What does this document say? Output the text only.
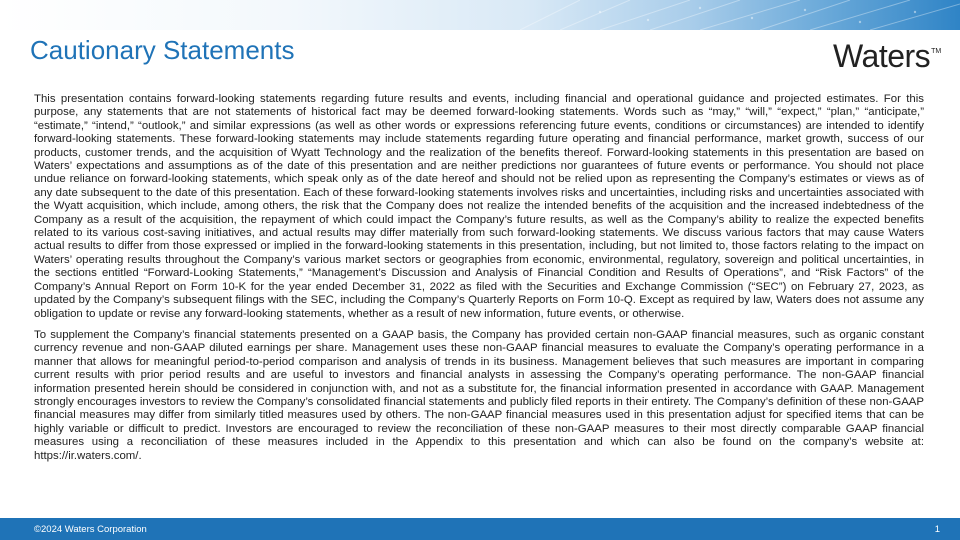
Cautionary Statements	Waters™

This presentation contains forward-looking statements regarding future results and events, including financial and operational guidance and projected estimates. For this purpose, any statements that are not statements of historical fact may be deemed forward-looking statements. Words such as “may,” “will,” “expect,” “plan,” “anticipate,” “estimate,” “intend,” “outlook,” and similar expressions (as well as other words or expressions referencing future events, conditions or circumstances) are intended to identify forward-looking statements. These forward-looking statements may include statements regarding future operating and financial performance, market growth, success of our products, customer trends, and the acquisition of Wyatt Technology and the realization of the benefits thereof. Forward-looking statements in this presentation are based on Waters’ expectations and assumptions as of the date of this presentation and are neither predictions nor guarantees of future events or performance. You should not place undue reliance on forward-looking statements, which speak only as of the date hereof and should not be relied upon as representing the Company’s estimates or views as of any date subsequent to the date of this presentation. Each of these forward-looking statements involves risks and uncertainties, including risks and uncertainties associated with the Wyatt acquisition, which include, among others, the risk that the Company does not realize the intended benefits of the acquisition and the increased indebtedness of the Company as a result of the acquisition, the repayment of which could impact the Company’s future results, as well as the Company’s ability to realize the expected benefits related to its various cost-saving initiatives, and actual results may differ materially from such forward-looking statements. We discuss various factors that may cause Waters actual results to differ from those expressed or implied in the forward-looking statements in this presentation, including, but not limited to, those factors relating to the impact on Waters’ operating results throughout the Company’s various market sectors or geographies from economic, environmental, regulatory, sovereign and political uncertainties, in the sections entitled “Forward-Looking Statements,” “Management’s Discussion and Analysis of Financial Condition and Results of Operations”, and “Risk Factors” of the Company’s Annual Report on Form 10-K for the year ended December 31, 2022 as filed with the Securities and Exchange Commission (“SEC”) on February 27, 2023, as updated by the Company’s subsequent filings with the SEC, including the Company’s Quarterly Reports on Form 10-Q. Except as required by law, Waters does not assume any obligation to update or revise any forward-looking statements, whether as a result of new information, future events, or otherwise.

To supplement the Company’s financial statements presented on a GAAP basis, the Company has provided certain non-GAAP financial measures, such as organic constant currency revenue and non-GAAP diluted earnings per share. Management uses these non-GAAP financial measures to evaluate the Company’s operating performance in a manner that allows for meaningful period-to-period comparison and analysis of trends in its business. Management believes that such measures are important in comparing current results with prior period results and are useful to investors and financial analysts in assessing the Company’s operating performance. The non-GAAP financial information presented herein should be considered in conjunction with, and not as a substitute for, the financial information presented in accordance with GAAP. Management strongly encourages investors to review the Company’s consolidated financial statements and publicly filed reports in their entirety. The Company’s definition of these non-GAAP financial measures may differ from similarly titled measures used by others. The non-GAAP financial measures used in this presentation adjust for specified items that can be highly variable or difficult to predict. Investors are encouraged to review the reconciliation of these non-GAAP measures to their most directly comparable GAAP financial measures using a reconciliation of these measures included in the Appendix to this presentation and which can also be found on the company’s website at: https://ir.waters.com/.

©2024 Waters Corporation	1
